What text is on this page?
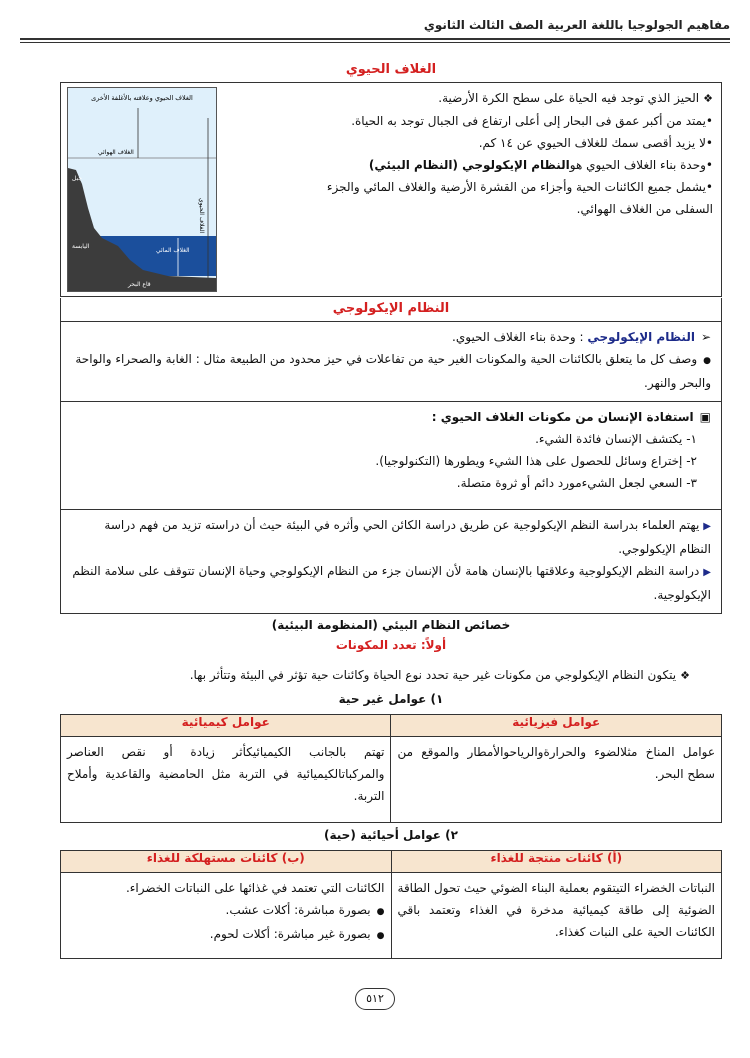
مفاهيم الجولوجيا باللغة العربية الصف الثالث الثانوي
الغلاف الحيوي
❖ الحيز الذي توجد فيه الحياة على سطح الكرة الأرضية.
•يمتد من أكبر عمق فى البحار إلى أعلى ارتفاع فى الجبال توجد به الحياة.
•لا يزيد أقصى سمك للغلاف الحيوي عن ١٤ كم.
•وحدة بناء الغلاف الحيوي هوالنظام الإيكولوجي (النظام البيئي)
•يشمل جميع الكائنات الحية وأجزاء من القشرة الأرضية والغلاف المائي والجزء السفلى من الغلاف الهوائي.
الغلاف الحيوي وعلاقته بالأغلفة الأخرى
الغلاف الهوائي
الغلاف الحيوي
جبل
الغلاف المائي
اليابسة
قاع البحر
النظام الإيكولوجي
➢ النظام الإيكولوجي : وحدة بناء الغلاف الحيوي.
● وصف كل ما يتعلق بالكائنات الحية والمكونات الغير حية من تفاعلات في حيز محدود من الطبيعة مثال : الغابة والصحراء والواحة والبحر والنهر.
▣ استفادة الإنسان من مكونات الغلاف الحيوي :
١- يكتشف الإنسان فائدة الشيء.
٢- إختراع وسائل للحصول على هذا الشيء ويطورها (التكنولوجيا).
٣- السعي لجعل الشيءمورد دائم أو ثروة متصلة.
▶ يهتم العلماء بدراسة النظم الإيكولوجية عن طريق دراسة الكائن الحي وأثره في البيئة حيث أن دراسته تزيد من فهم دراسة النظام الإيكولوجي.
▶ دراسة النظم الإيكولوجية وعلاقتها بالإنسان هامة لأن الإنسان جزء من النظام الإيكولوجي وحياة الإنسان تتوقف على سلامة النظم الإيكولوجية.
خصائص النظام البيئي (المنظومة البيئية)
أولاً: تعدد المكونات
❖ يتكون النظام الإيكولوجي من مكونات غير حية تحدد نوع الحياة وكائنات حية تؤثر في البيئة وتتأثر بها.
١) عوامل غير حية
عوامل فيزيائية	عوامل كيميائية
عوامل المناخ مثلالضوء والحرارةوالرياحوالأمطار والموقع من سطح البحر.	تهتم بالجانب الكيميائيكأثر زيادة أو نقص العناصر والمركباتالكيميائية في التربة مثل الحامضية والقاعدية وأملاح التربة.
٢) عوامل أحيائية (حية)
(أ) كائنات منتجة للغذاء	(ب) كائنات مستهلكة للغذاء
النباتات الخضراء التيتقوم بعملية البناء الضوئي حيث تحول الطاقة الضوئية إلى طاقة كيميائية مدخرة في الغذاء وتعتمد باقي الكائنات الحية على النبات كغذاء.	الكائنات التي تعتمد في غذائها على النباتات الخضراء.
● بصورة مباشرة: أكلات عشب.
● بصورة غير مباشرة: أكلات لحوم.
٥١٢
